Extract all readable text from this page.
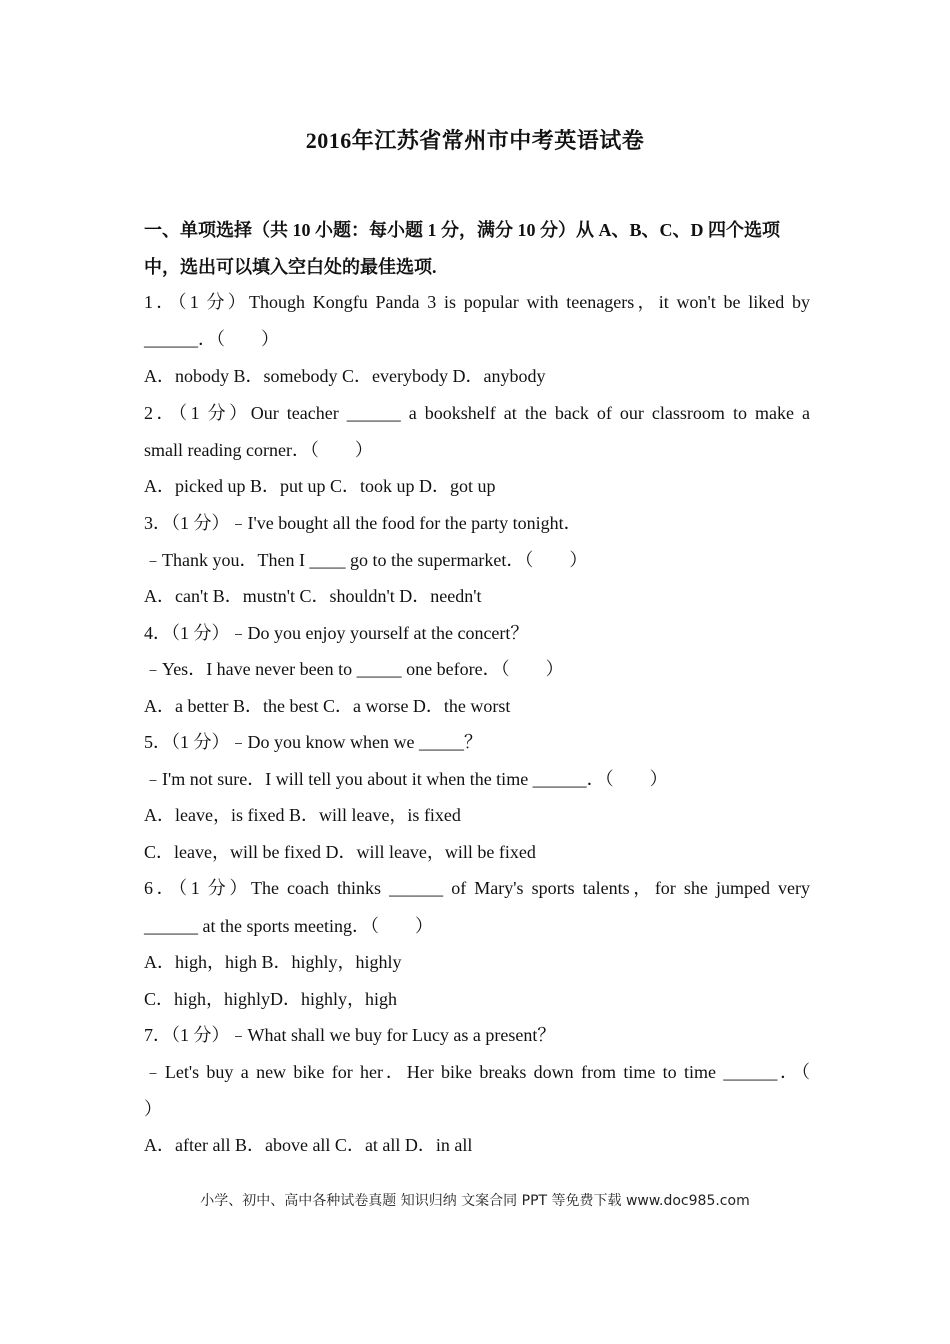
2016年江苏省常州市中考英语试卷
一、单项选择（共 10 小题：每小题 1 分，满分 10 分）从 A、B、C、D 四个选项中，选出可以填入空白处的最佳选项.
1．（1 分）Though Kongfu Panda 3 is popular with teenagers，it won't be liked by
______．（　　）
A．nobody B．somebody C．everybody D．anybody
2．（1 分）Our teacher ______ a bookshelf at the back of our classroom to make a
small reading corner．（　　）
A．picked up B．put up C．took up D．got up
3．（1 分）﹣I've bought all the food for the party tonight．
﹣Thank you．Then I ____ go to the supermarket．（　　）
A．can't B．mustn't C．shouldn't D．needn't
4．（1 分）﹣Do you enjoy yourself at the concert？
﹣Yes．I have never been to _____ one before．（　　）
A．a better B．the best C．a worse D．the worst
5．（1 分）﹣Do you know when we _____？
﹣I'm not sure．I will tell you about it when the time ______．（　　）
A．leave，is fixed B．will leave，is fixed
C．leave，will be fixed D．will leave，will be fixed
6．（1 分）The coach thinks ______ of Mary's sports talents，for she jumped very
______ at the sports meeting．（　　）
A．high，high B．highly，highly
C．high，highlyD．highly，high
7．（1 分）﹣What shall we buy for Lucy as a present？
﹣Let's buy a new bike for her．Her bike breaks down from time to time ______．（
）
A．after all B．above all C．at all D．in all
小学、初中、高中各种试卷真题 知识归纳 文案合同 PPT 等免费下载 www.doc985.com
